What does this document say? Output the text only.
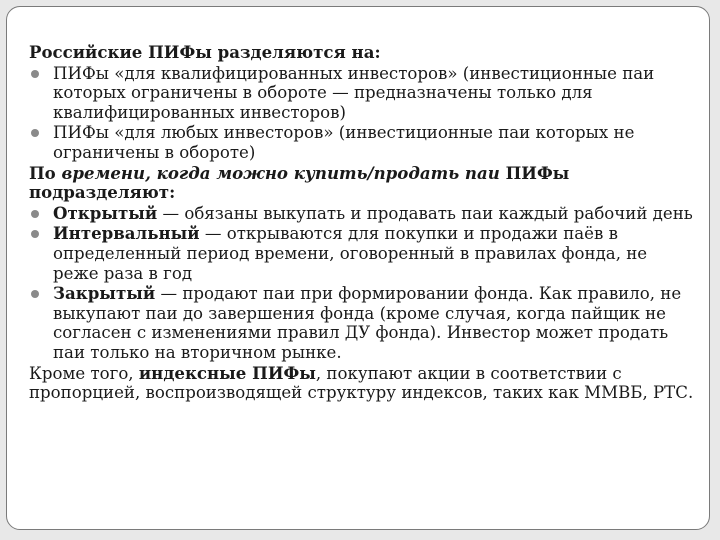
Российские ПИФы разделяются на:

ПИФы «для квалифицированных инвесторов» (инвестиционные паи которых ограничены в обороте — предназначены только для квалифицированных инвесторов)
ПИФы «для любых инвесторов» (инвестиционные паи которых не ограничены в обороте)

По времени, когда можно купить/продать паи ПИФы
подразделяют:

Открытый — обязаны выкупать и продавать паи каждый рабочий день
Интервальный — открываются для покупки и продажи паёв в определенный период времени, оговоренный в правилах фонда, не реже раза в год
Закрытый — продают паи при формировании фонда. Как правило, не выкупают паи до завершения фонда (кроме случая, когда пайщик не согласен с изменениями правил ДУ фонда). Инвестор может продать паи только на вторичном рынке.

Кроме того, индексные ПИФы, покупают акции в соответствии с пропорцией, воспроизводящей структуру индексов, таких как ММВБ, РТС.
